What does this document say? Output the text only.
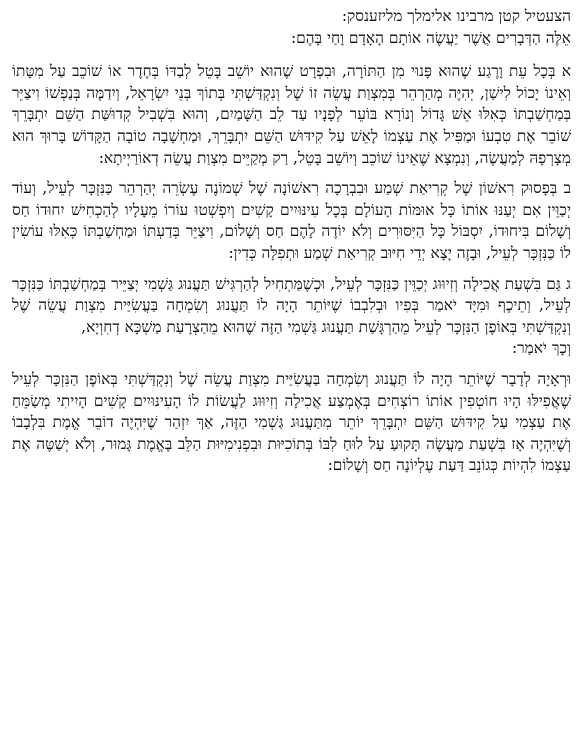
הצעטיל קטן מרבינו אלימלך מליזענסק:

אֵלֶּה הַדְּבָרִים אֲשֶׁר יַעֲשֶׂה אוֹתָם הָאָדָם וָחַי בָּהֶם:

א בְּכָל עֵת וָרֶגַע שֶׁהוּא פָּנוּי מִן הַתּוֹרָה, וּבִפְרָט שֶׁהוּא יוֹשֵׁב בָּטֵל לְבַדּוֹ בְּחֶדֶר אוֹ שׁוֹכֵב עַל מִטָּתוֹ וְאֵינוֹ יָכוֹל לִישַׁן, יְהִיֶּה מְהַרְהֵר בְּמִצְוַת עֲשֵׂה זוֹ שֶׁל וְנִקְדַּשְׁתִּי בְּתוֹךְ בְּנֵי יִשְׂרָאֵל, וְיִדַמֶּה בְּנַפְשׁוֹ וִיצַיֵּר בְּמַחְשַׁבְתּוֹ כְּאִלּוּ אֵשׁ גָּדוֹל וְנוֹרָא בּוֹעֵר לְפָנָיו עַד לֵב הַשָּׁמַיִם, וְהוּא בִּשְׁבִיל קְדוּשַּׁת הַשֵּׁם יִתְבָּרֵךְ שׁוֹבֵר אֶת טִבְעוֹ וּמַפִּיל אֶת עַצְמוֹ לָאֵשׁ עַל קִידּוּשׁ הַשֵּׁם יִתְבָּרֵךְ, וּמַחְשָׁבָה טוֹבָה הַקָּדוֹשׁ בָּרוּךְ הוּא מְצָרְפָהּ לְמַעֲשֶׂה, וְנִמְצָא שֶׁאֵינוֹ שׁוֹכֵב וְיוֹשֵׁב בָּטֵל, רַק מְקַיֵּים מִצְוַת עֲשֵׂה דְאוֹרַיְיתָא:

ב בְּפָסוּק רִאשׁוֹן שֶׁל קְרִיאַת שְׁמַע וּבִבְרָכָה רִאשׁוֹנָה שֶׁל שְׁמוֹנֶה עֶשְׂרֵה יְהַרְהֵר כַּנִּזְכָּר לְעֵיל, וְעוֹד יְכַוֵּין אִם יְעַנּוּ אוֹתוֹ כָּל אוּמּוֹת הָעוֹלָם בְּכָל עִינּוּיִים קָשִׁים וְיִפְשְׁטוּ עוֹרוֹ מֵעָלָיו לְהַכְחִישׁ יִחוּדוֹ חַס וְשָׁלוֹם בִּיחוּדוֹ, יִסְבּוֹל כָּל הַיִּסּוּרִים וְלֹא יוֹדֶה לָהֶם חַס וְשָׁלוֹם, וִיצַיֵּר בְּדַעְתּוֹ וּמַחְשַׁבְתּוֹ כְּאִלּוּ עוֹשִׂין לוֹ כַּנִּזְכָּר לְעֵיל, וּבָזֶה יָצָא יְדֵי חִיּוּב קְרִיאַת שְׁמַע וּתְפִלָּה כְּדִין:

ג גַּם בִּשְׁעַת אֲכִילָה וְזִיוּוּג יְכַוֵּין כַּנִּזְכָּר לְעֵיל, וּכְשֶׁמַּתְחִיל לְהַרְגִּישׁ תַּעֲנוּג גַּשְׁמִי יְצַיֵּיר בְּמַחְשַׁבְתּוֹ כַּנִּזְכָּר לְעֵיל, וְתֵיכֶף וּמִיָּד יֹאמַר בְּפִיו וּבְלִבְבוֹ שֶׁיּוֹתֵר הָיָה לוֹ תַּעֲנוּג וְשִׂמְחָה בַּעֲשִׂיַּית מִצְוַת עֲשֵׂה שֶׁל וְנִקְדַּשְׁתִּי בְּאוֹפֶן הַנִּזְכָּר לְעֵיל מֵהַרְגָּשַׁת תַּעֲנוּג גַּשְׁמִי הַזֶּה שֶׁהוּא מֵהַצְרָעַת מַשְׁכָּא דְחִוְיָא,
וְכָךְ יֹאמַר:

וּרְאָיָה לְדָבָר שֶׁיּוֹתֵר הָיָה לוֹ תַּעֲנוּג וְשִׂמְחָה בַּעֲשִׂיַּית מִצְוַת עֲשֵׂה שֶׁל וְנִקְדַּשְׁתִּי בְּאוֹפֶן הַנִּזְכָּר לְעֵיל שֶׁאֲפִילּוּ הָיוּ חוֹטְפִין אוֹתוֹ רוֹצְחִים בְּאֶמְצַע אֲכִילָה וְזִיוּוּג לַעֲשׂוֹת לוֹ הָעִינּוּיִים קָשִׁים הָיִיתִי מְשַׂמֵּחַ אֶת עַצְמִי עַל קִידּוּשׁ הַשֵּׁם יִתְבָּרֵךְ יוֹתֵר מִתַּעֲנוּג גַּשְׁמִי הַזֶּה, אַךְ יִזְהַר שֶׁיִּהְיֶה דוֹבֵר אֱמֶת בִּלְבָבוֹ וְשֶׁיִּהְיֶה אָז בִּשְׁעַת מַעֲשֶׂה תָּקוּעַ עַל לוּחַ לִבּוֹ בְּתוֹכִיּוּת וּבִפְנִימִיּוּת הַלֵּב בֶּאֱמֶת גָּמוּר, וְלֹא יְשַׁטֶּה אֶת עַצְמוֹ לִהְיוֹת כְּגוֹנֵב דַּעַת עֶלְיוֹנָה חַס וְשָׁלוֹם:
